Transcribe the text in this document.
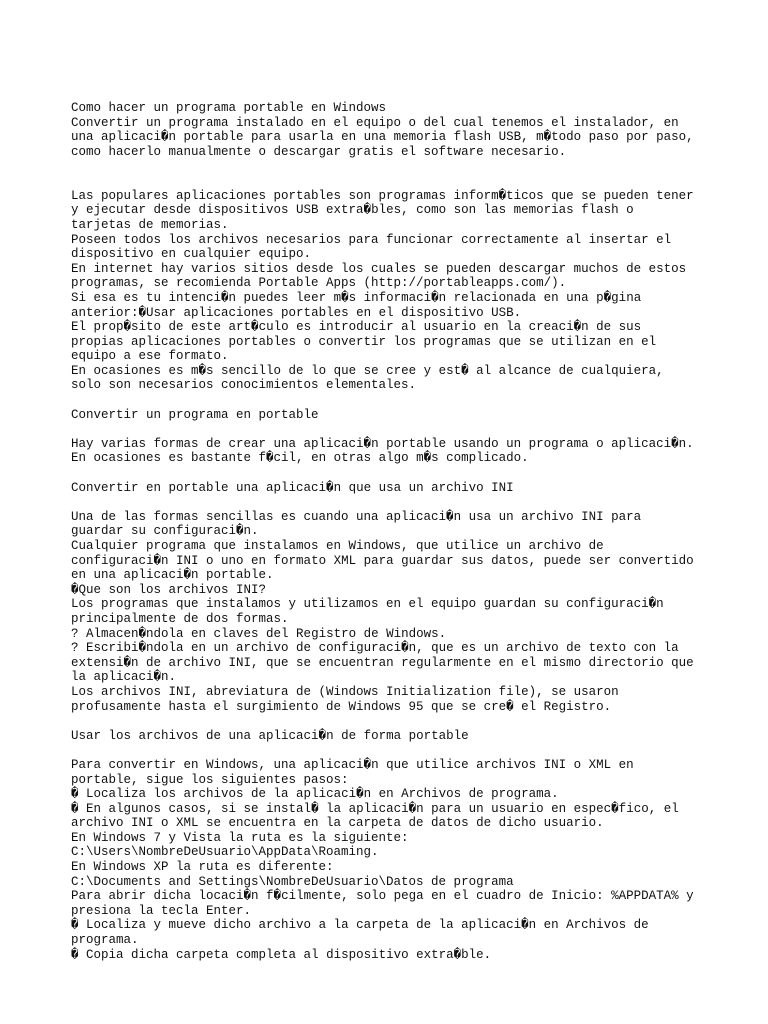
Como hacer un programa portable en Windows
Convertir un programa instalado en el equipo o del cual tenemos el instalador, en
una aplicaci�n portable para usarla en una memoria flash USB, m�todo paso por paso,
como hacerlo manualmente o descargar gratis el software necesario.
Las populares aplicaciones portables son programas inform�ticos que se pueden tener
y ejecutar desde dispositivos USB extra�bles, como son las memorias flash o
tarjetas de memorias.
Poseen todos los archivos necesarios para funcionar correctamente al insertar el
dispositivo en cualquier equipo.
En internet hay varios sitios desde los cuales se pueden descargar muchos de estos
programas, se recomienda Portable Apps (http://portableapps.com/).
Si esa es tu intenci�n puedes leer m�s informaci�n relacionada en una p�gina
anterior:�Usar aplicaciones portables en el dispositivo USB.
El prop�sito de este art�culo es introducir al usuario en la creaci�n de sus
propias aplicaciones portables o convertir los programas que se utilizan en el
equipo a ese formato.
En ocasiones es m�s sencillo de lo que se cree y est� al alcance de cualquiera,
solo son necesarios conocimientos elementales.
Convertir un programa en portable
Hay varias formas de crear una aplicaci�n portable usando un programa o aplicaci�n.
En ocasiones es bastante f�cil, en otras algo m�s complicado.
Convertir en portable una aplicaci�n que usa un archivo INI
Una de las formas sencillas es cuando una aplicaci�n usa un archivo INI para
guardar su configuraci�n.
Cualquier programa que instalamos en Windows, que utilice un archivo de
configuraci�n INI o uno en formato XML para guardar sus datos, puede ser convertido
en una aplicaci�n portable.
�Que son los archivos INI?
Los programas que instalamos y utilizamos en el equipo guardan su configuraci�n
principalmente de dos formas.
? Almacen�ndola en claves del Registro de Windows.
? Escribi�ndola en un archivo de configuraci�n, que es un archivo de texto con la
extensi�n de archivo INI, que se encuentran regularmente en el mismo directorio que
la aplicaci�n.
Los archivos INI, abreviatura de (Windows Initialization file), se usaron
profusamente hasta el surgimiento de Windows 95 que se cre� el Registro.
Usar los archivos de una aplicaci�n de forma portable
Para convertir en Windows, una aplicaci�n que utilice archivos INI o XML en
portable, sigue los siguientes pasos:
� Localiza los archivos de la aplicaci�n en Archivos de programa.
� En algunos casos, si se instal� la aplicaci�n para un usuario en espec�fico, el
archivo INI o XML se encuentra en la carpeta de datos de dicho usuario.
En Windows 7 y Vista la ruta es la siguiente:
C:\Users\NombreDeUsuario\AppData\Roaming.
En Windows XP la ruta es diferente:
C:\Documents and Settings\NombreDeUsuario\Datos de programa
Para abrir dicha locaci�n f�cilmente, solo pega en el cuadro de Inicio: %APPDATA% y
presiona la tecla Enter.
� Localiza y mueve dicho archivo a la carpeta de la aplicaci�n en Archivos de
programa.
� Copia dicha carpeta completa al dispositivo extra�ble.
